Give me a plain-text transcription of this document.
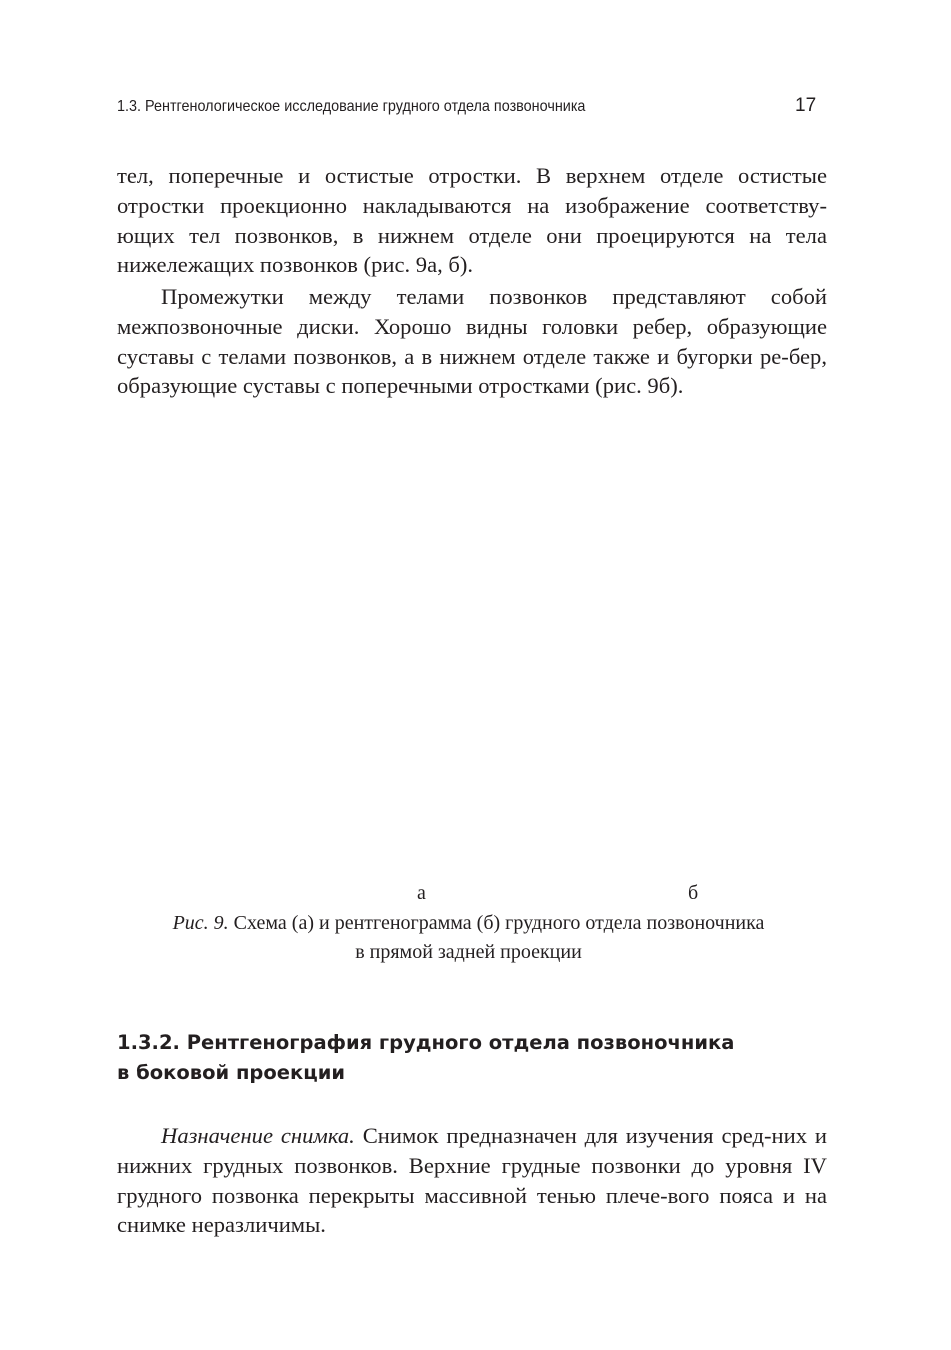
1.3. Рентгенологическое исследование грудного отдела позвоночника	17

тел, поперечные и остистые отростки. В верхнем отделе остистые отростки проекционно накладываются на изображение соответству-ющих тел позвонков, в нижнем отделе они проецируются на тела нижележащих позвонков (рис. 9а, б).

Промежутки между телами позвонков представляют собой межпозвоночные диски. Хорошо видны головки ребер, образующие суставы с телами позвонков, а в нижнем отделе также и бугорки ре-бер, образующие суставы с поперечными отростками (рис. 9б).

а	б

Рис. 9. Схема (а) и рентгенограмма (б) грудного отдела позвоночника
в прямой задней проекции

1.3.2. Рентгенография грудного отдела позвоночника
в боковой проекции

Назначение снимка. Снимок предназначен для изучения сред-них и нижних грудных позвонков. Верхние грудные позвонки до уровня IV грудного позвонка перекрыты массивной тенью плече-вого пояса и на снимке неразличимы.
